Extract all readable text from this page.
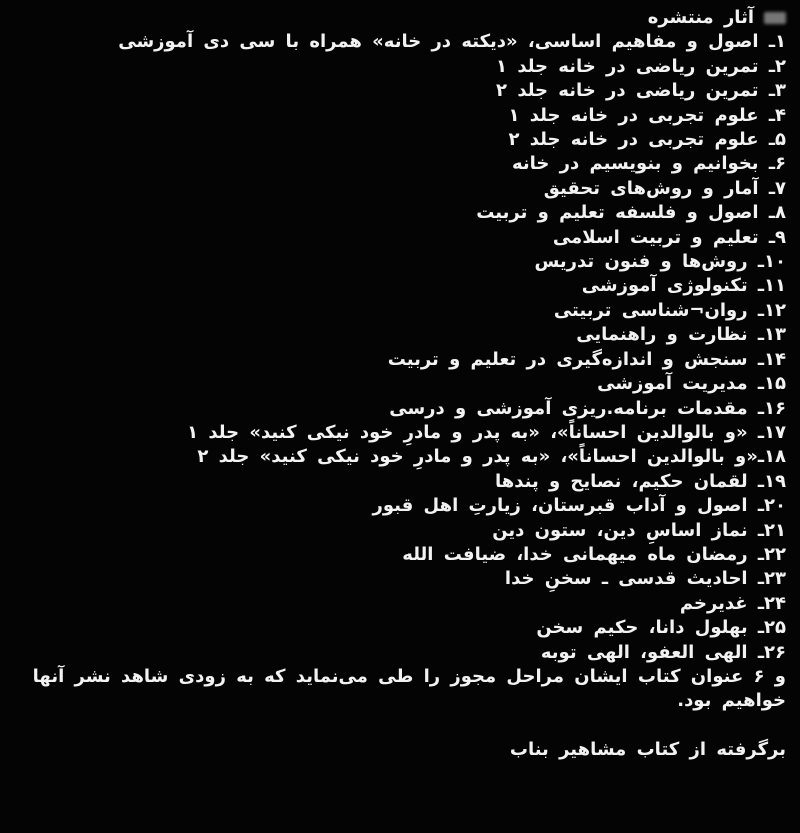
آثار منتشره
۱ـ اصول و مفاهیم اساسی، «دیکته در خانه» همراه با سی دی آموزشی
۲ـ تمرین ریاضی در خانه جلد ۱
۳ـ تمرین ریاضی در خانه جلد ۲
۴ـ علوم تجربی در خانه جلد ۱
۵ـ علوم تجربی در خانه جلد ۲
۶ـ بخوانیم و بنویسیم در خانه
۷ـ آمار و روش‌های تحقیق
۸ـ اصول و فلسفه تعلیم و تربیت
۹ـ تعلیم و تربیت اسلامی
۱۰ـ روش‌ها و فنون تدریس
۱۱ـ تکنولوژی آموزشی
۱۲ـ روان¬شناسی تربیتی
۱۳ـ نظارت و راهنمایی
۱۴ـ سنجش و اندازه‌گیری در تعلیم و تربیت
۱۵ـ مدیریت آموزشی
۱۶ـ مقدمات برنامه.ریزی آموزشی و درسی
۱۷ـ «و بالوالدین احساناً»، «به پدر و مادرِ خود نیکی کنید» جلد ۱
۱۸ـ«و بالوالدین احساناً»، «به پدر و مادرِ خود نیکی کنید» جلد ۲
۱۹ـ لقمان حکیم، نصایح و پندها
۲۰ـ اصول و آداب قبرستان، زیارتِ اهل قبور
۲۱ـ نماز اساسِ دین، ستون دین
۲۲ـ رمضان ماه میهمانی خدا، ضیافت الله
۲۳ـ احادیث قدسی ـ سخنِ خدا
۲۴ـ غدیرخم
۲۵ـ بهلول دانا، حکیم سخن
۲۶ـ الهی العفو، الهی توبه

و ۶ عنوان کتاب ایشان مراحل مجوز را طی می‌نماید که به زودی شاهد نشر آنها خواهیم بود.

برگرفته از کتاب مشاهیر بناب
